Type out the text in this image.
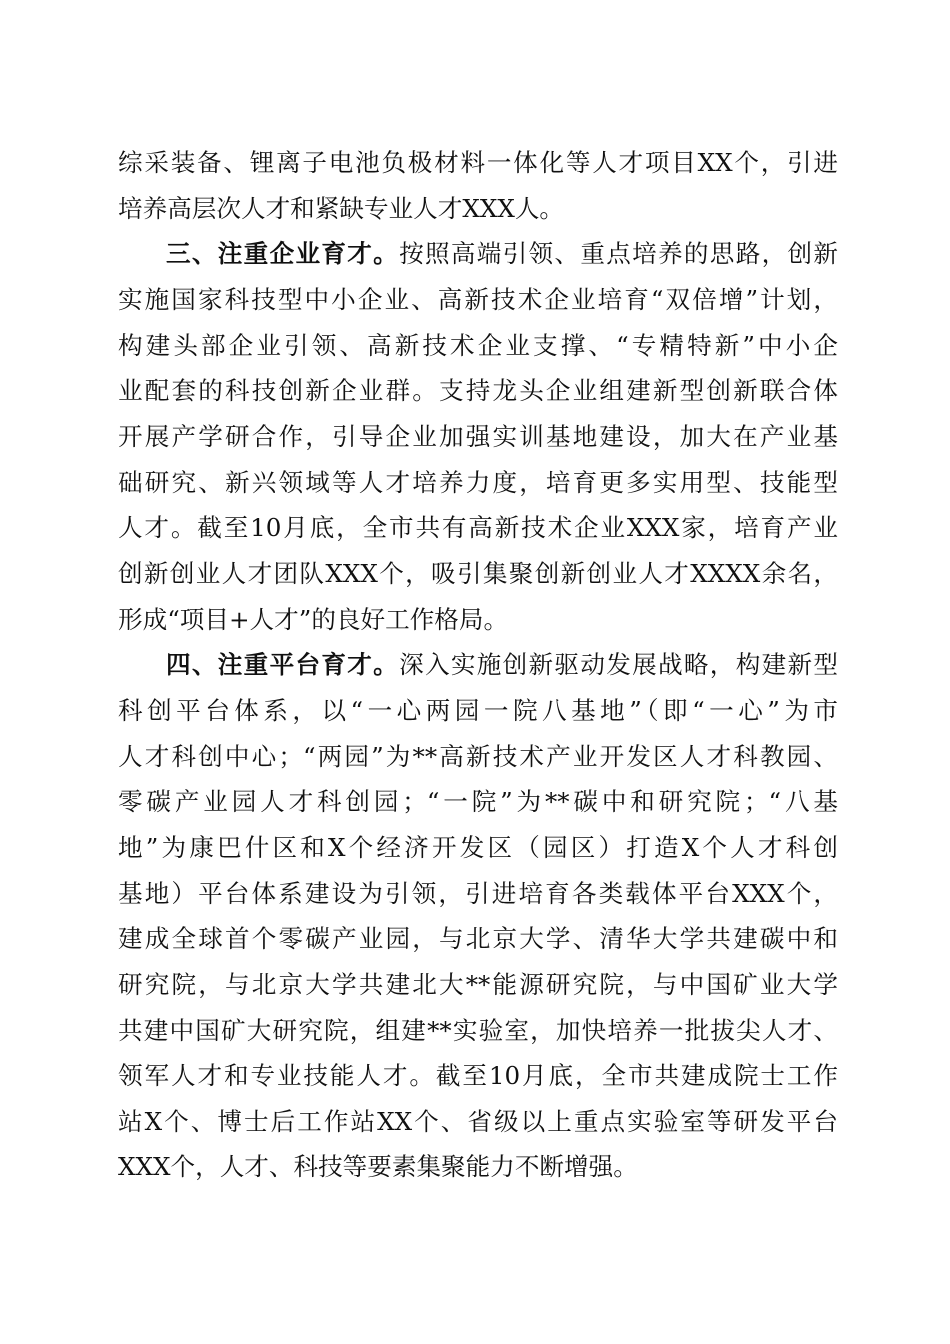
综采装备、锂离子电池负极材料一体化等人才项目XX个，引进
培养高层次人才和紧缺专业人才XXX人。
三、注重企业育才。按照高端引领、重点培养的思路，创新
实施国家科技型中小企业、高新技术企业培育“双倍增”计划，
构建头部企业引领、高新技术企业支撑、“专精特新”中小企
业配套的科技创新企业群。支持龙头企业组建新型创新联合体
开展产学研合作，引导企业加强实训基地建设，加大在产业基
础研究、新兴领域等人才培养力度，培育更多实用型、技能型
人才。截至10月底，全市共有高新技术企业XXX家，培育产业
创新创业人才团队XXX个，吸引集聚创新创业人才XXXX余名，
形成“项目+人才”的良好工作格局。
四、注重平台育才。深入实施创新驱动发展战略，构建新型
科创平台体系，以“一心两园一院八基地”（即“一心”为市
人才科创中心；“两园”为**高新技术产业开发区人才科教园、
零碳产业园人才科创园；“一院”为**碳中和研究院；“八基
地”为康巴什区和X个经济开发区（园区）打造X个人才科创
基地）平台体系建设为引领，引进培育各类载体平台XXX个，
建成全球首个零碳产业园，与北京大学、清华大学共建碳中和
研究院，与北京大学共建北大**能源研究院，与中国矿业大学
共建中国矿大研究院，组建**实验室，加快培养一批拔尖人才、
领军人才和专业技能人才。截至10月底，全市共建成院士工作
站X个、博士后工作站XX个、省级以上重点实验室等研发平台
XXX个，人才、科技等要素集聚能力不断增强。
